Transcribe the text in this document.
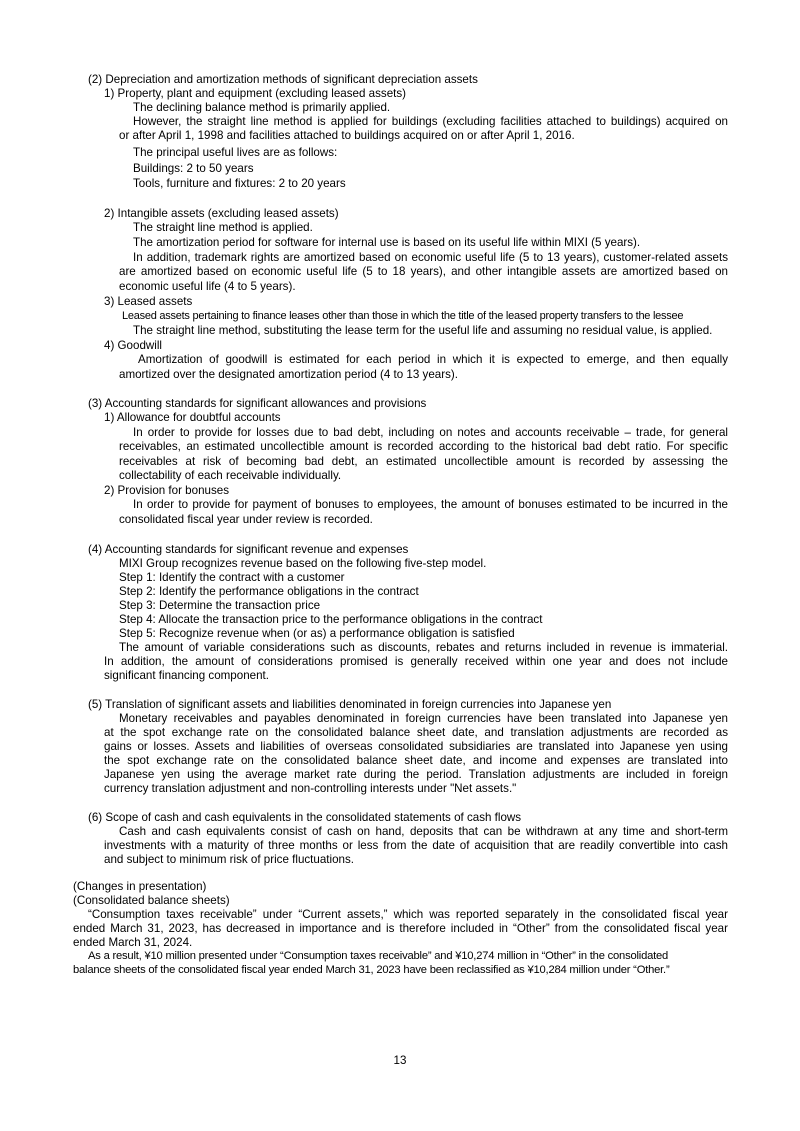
(2) Depreciation and amortization methods of significant depreciation assets

1) Property, plant and equipment (excluding leased assets)

The declining balance method is primarily applied.

However, the straight line method is applied for buildings (excluding facilities attached to buildings) acquired on

or after April 1, 1998 and facilities attached to buildings acquired on or after April 1, 2016.

The principal useful lives are as follows:

Buildings: 2 to 50 years

Tools, furniture and fixtures: 2 to 20 years

2) Intangible assets (excluding leased assets)

The straight line method is applied.

The amortization period for software for internal use is based on its useful life within MIXI (5 years).

In addition, trademark rights are amortized based on economic useful life (5 to 13 years), customer-related assets

are amortized based on economic useful life (5 to 18 years), and other intangible assets are amortized based on

economic useful life (4 to 5 years).

3) Leased assets

Leased assets pertaining to finance leases other than those in which the title of the leased property transfers to the lessee

The straight line method, substituting the lease term for the useful life and assuming no residual value, is applied.

4) Goodwill

Amortization of goodwill is estimated for each period in which it is expected to emerge, and then equally

amortized over the designated amortization period (4 to 13 years).

(3) Accounting standards for significant allowances and provisions

1) Allowance for doubtful accounts

In order to provide for losses due to bad debt, including on notes and accounts receivable – trade, for general

receivables, an estimated uncollectible amount is recorded according to the historical bad debt ratio. For specific

receivables at risk of becoming bad debt, an estimated uncollectible amount is recorded by assessing the

collectability of each receivable individually.

2) Provision for bonuses

In order to provide for payment of bonuses to employees, the amount of bonuses estimated to be incurred in the

consolidated fiscal year under review is recorded.

(4) Accounting standards for significant revenue and expenses

MIXI Group recognizes revenue based on the following five-step model.

Step 1: Identify the contract with a customer

Step 2: Identify the performance obligations in the contract

Step 3: Determine the transaction price

Step 4: Allocate the transaction price to the performance obligations in the contract

Step 5: Recognize revenue when (or as) a performance obligation is satisfied

The amount of variable considerations such as discounts, rebates and returns included in revenue is immaterial.

In addition, the amount of considerations promised is generally received within one year and does not include

significant financing component.

(5) Translation of significant assets and liabilities denominated in foreign currencies into Japanese yen

Monetary receivables and payables denominated in foreign currencies have been translated into Japanese yen

at the spot exchange rate on the consolidated balance sheet date, and translation adjustments are recorded as

gains or losses. Assets and liabilities of overseas consolidated subsidiaries are translated into Japanese yen using

the spot exchange rate on the consolidated balance sheet date, and income and expenses are translated into

Japanese yen using the average market rate during the period. Translation adjustments are included in foreign

currency translation adjustment and non-controlling interests under "Net assets."

(6) Scope of cash and cash equivalents in the consolidated statements of cash flows

Cash and cash equivalents consist of cash on hand, deposits that can be withdrawn at any time and short-term

investments with a maturity of three months or less from the date of acquisition that are readily convertible into cash

and subject to minimum risk of price fluctuations.

(Changes in presentation)

(Consolidated balance sheets)

“Consumption taxes receivable” under “Current assets,” which was reported separately in the consolidated fiscal year

ended March 31, 2023, has decreased in importance and is therefore included in “Other” from the consolidated fiscal year

ended March 31, 2024.

As a result, ¥10 million presented under “Consumption taxes receivable” and ¥10,274 million in “Other” in the consolidated

balance sheets of the consolidated fiscal year ended March 31, 2023 have been reclassified as ¥10,284 million under “Other.”

13
